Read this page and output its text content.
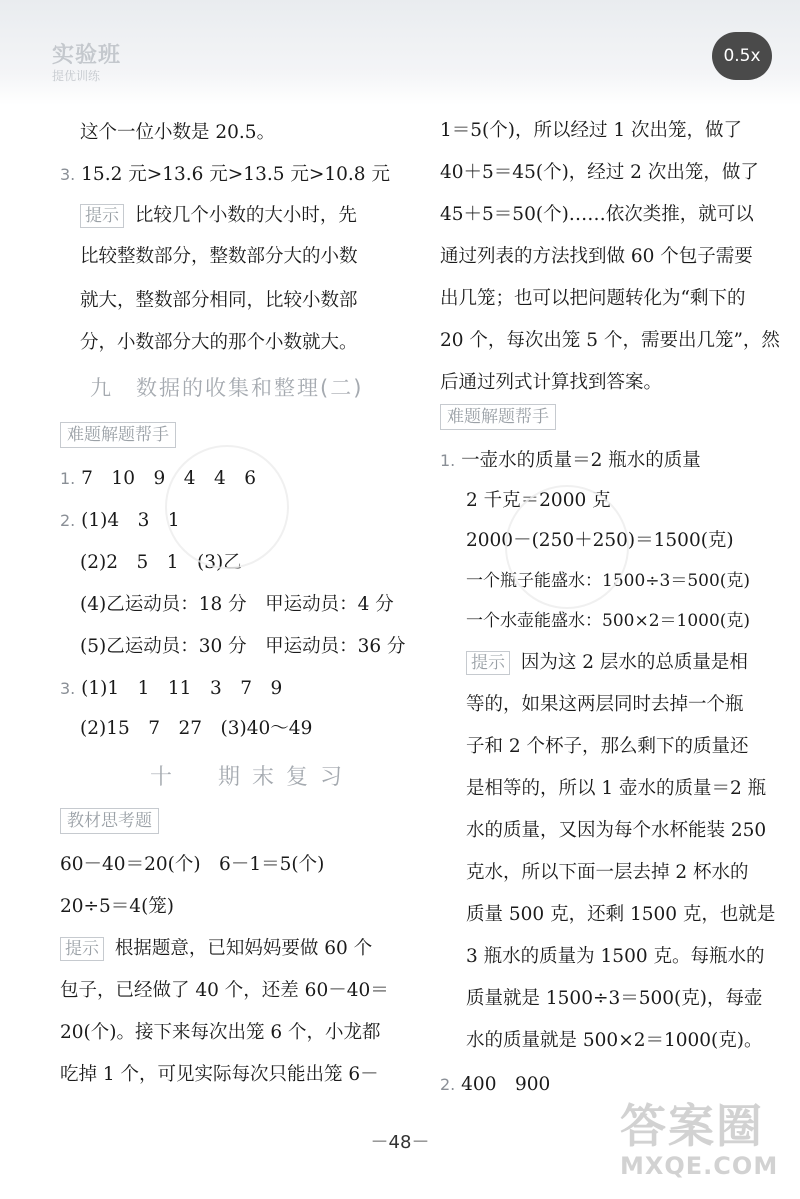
实验班
提优训练
0.5x
这个一位小数是 20.5。
3. 15.2 元>13.6 元>13.5 元>10.8 元
提示 比较几个小数的大小时，先
比较整数部分，整数部分大的小数
就大，整数部分相同，比较小数部
分，小数部分大的那个小数就大。
九　数据的收集和整理(二)
难题解题帮手
1. 7　10　9　4　4　6
2. (1)4　3　1
(2)2　5　1　(3)乙
(4)乙运动员：18 分　甲运动员：4 分
(5)乙运动员：30 分　甲运动员：36 分
3. (1)1　1　11　3　7　9
(2)15　7　27　(3)40～49
十　期末复习
教材思考题
60－40＝20(个)　6－1＝5(个)
20÷5＝4(笼)
提示 根据题意，已知妈妈要做 60 个
包子，已经做了 40 个，还差 60－40＝
20(个)。接下来每次出笼 6 个，小龙都
吃掉 1 个，可见实际每次只能出笼 6－
1＝5(个)，所以经过 1 次出笼，做了
40＋5＝45(个)，经过 2 次出笼，做了
45＋5＝50(个)……依次类推，就可以
通过列表的方法找到做 60 个包子需要
出几笼；也可以把问题转化为“剩下的
20 个，每次出笼 5 个，需要出几笼”，然
后通过列式计算找到答案。
难题解题帮手
1. 一壶水的质量＝2 瓶水的质量
2 千克＝2000 克
2000－(250＋250)＝1500(克)
一个瓶子能盛水：1500÷3＝500(克)
一个水壶能盛水：500×2＝1000(克)
提示 因为这 2 层水的总质量是相
等的，如果这两层同时去掉一个瓶
子和 2 个杯子，那么剩下的质量还
是相等的，所以 1 壶水的质量＝2 瓶
水的质量，又因为每个水杯能装 250
克水，所以下面一层去掉 2 杯水的
质量 500 克，还剩 1500 克，也就是
3 瓶水的质量为 1500 克。每瓶水的
质量就是 1500÷3＝500(克)，每壶
水的质量就是 500×2＝1000(克)。
2. 400　900
－48－	答案圈
MXQE.COM
